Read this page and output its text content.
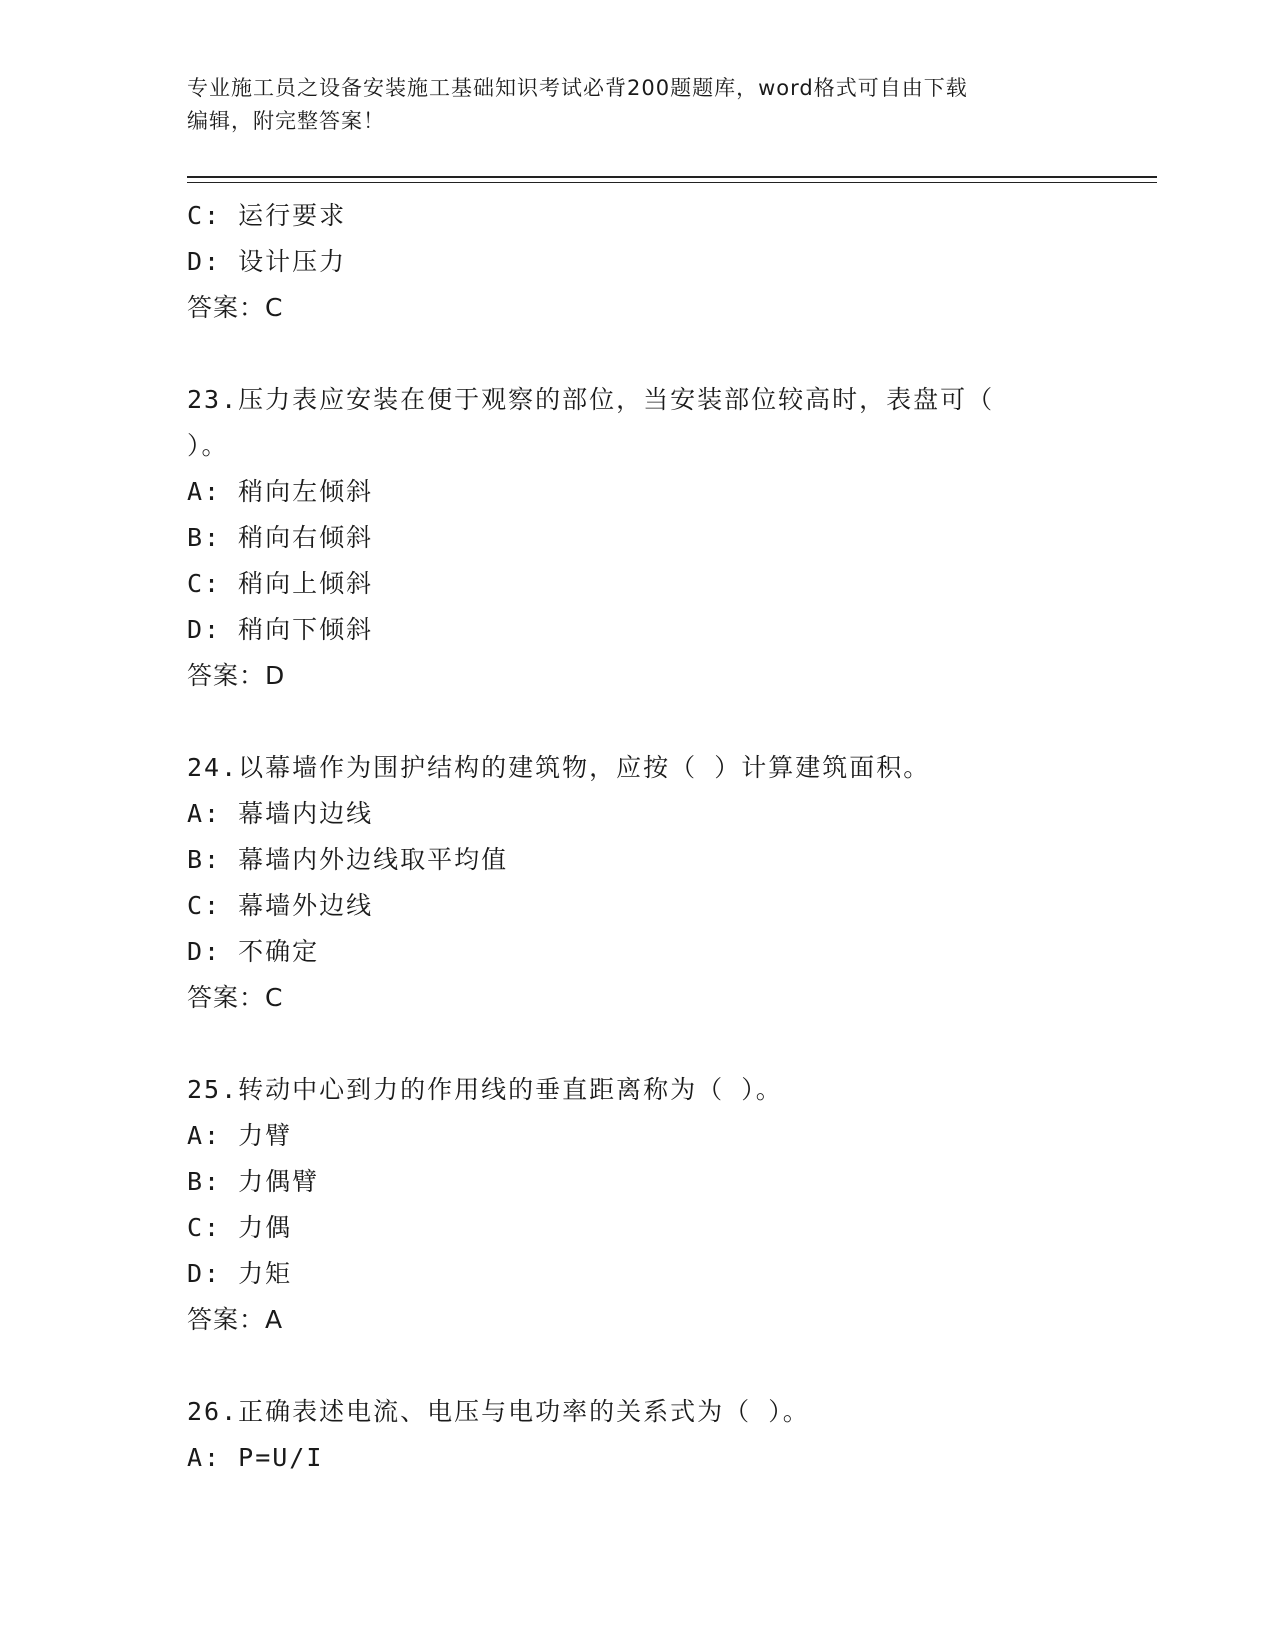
专业施工员之设备安装施工基础知识考试必背200题题库，word格式可自由下载
编辑，附完整答案！
C: 运行要求
D: 设计压力
答案：C
23.压力表应安装在便于观察的部位，当安装部位较高时，表盘可（
）。
A: 稍向左倾斜
B: 稍向右倾斜
C: 稍向上倾斜
D: 稍向下倾斜
答案：D
24.以幕墙作为围护结构的建筑物，应按（ ）计算建筑面积。
A: 幕墙内边线
B: 幕墙内外边线取平均值
C: 幕墙外边线
D: 不确定
答案：C
25.转动中心到力的作用线的垂直距离称为（ ）。
A: 力臂
B: 力偶臂
C: 力偶
D: 力矩
答案：A
26.正确表述电流、电压与电功率的关系式为（ ）。
A: P=U/I
